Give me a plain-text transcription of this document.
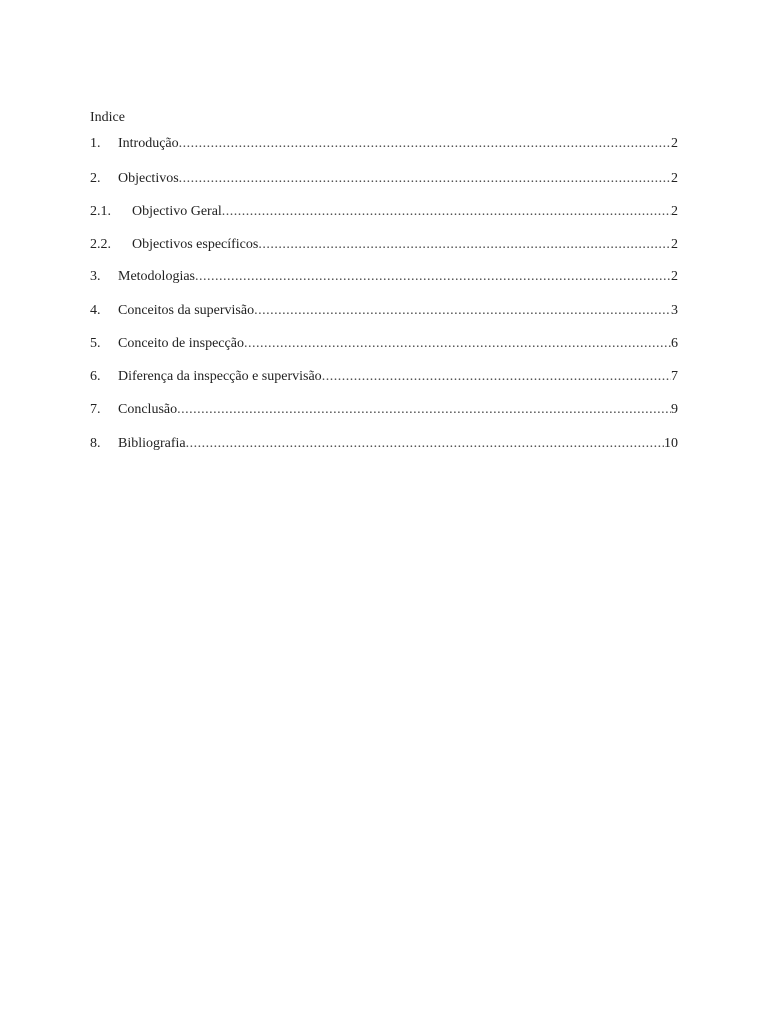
Indice
1.	Introdução .....	2
2.	Objectivos .....	2
2.1.	Objectivo Geral .....	2
2.2.	Objectivos específicos .....	2
3.	Metodologias .....	2
4.	Conceitos da supervisão .....	3
5.	Conceito de inspecção .....	6
6.	Diferença da inspecção e supervisão .....	7
7.	Conclusão .....	9
8.	Bibliografia .....	10
